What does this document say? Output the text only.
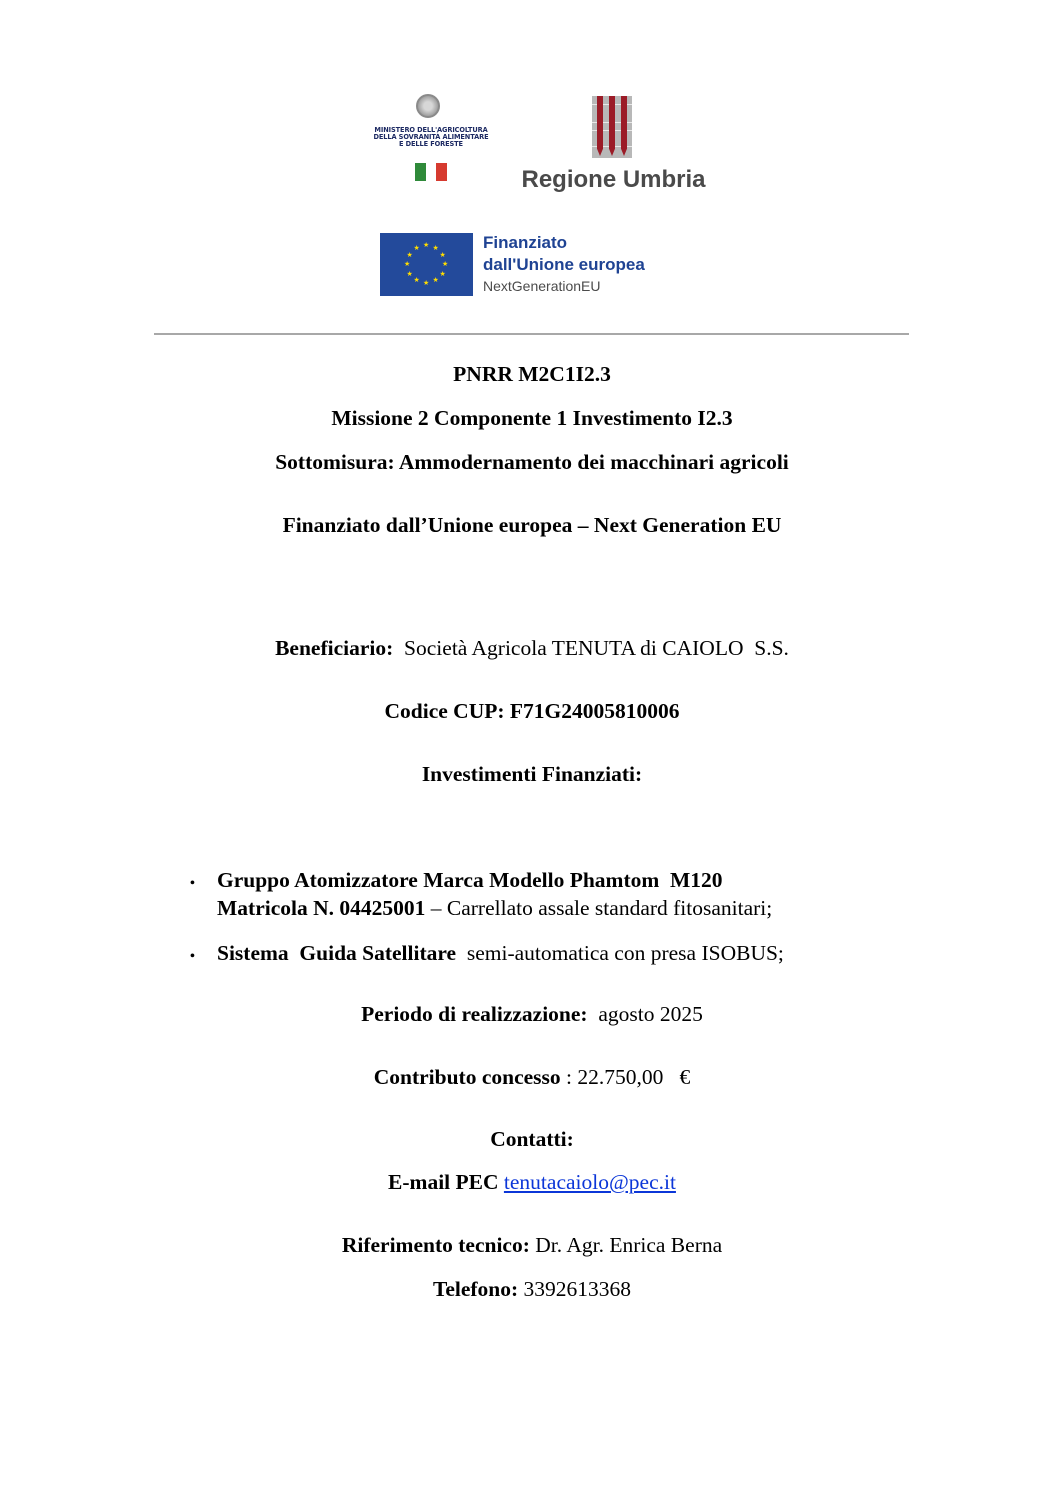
MINISTERO DELL'AGRICOLTURA
DELLA SOVRANITÀ ALIMENTARE
E DELLE FORESTE
Regione Umbria
★ ★
★
★
★
★
★
★
★
★
★
★	Finanziato
dall'Unione europea
NextGenerationEU
PNRR M2C1I2.3
Missione 2 Componente 1 Investimento I2.3
Sottomisura: Ammodernamento dei macchinari agricoli
Finanziato dall’Unione europea – Next Generation EU
Beneficiario: Società Agricola TENUTA di CAIOLO  S.S.
Codice CUP: F71G24005810006
Investimenti Finanziati:
• Gruppo Atomizzatore Marca Modello Phamtom  M120
Matricola N. 04425001 – Carrellato assale standard fitosanitari;
• Sistema  Guida Satellitare  semi-automatica con presa ISOBUS;
Periodo di realizzazione: agosto 2025
Contributo concesso : 22.750,00   €
Contatti:
E-mail PEC tenutacaiolo@pec.it
Riferimento tecnico: Dr. Agr. Enrica Berna
Telefono: 3392613368
